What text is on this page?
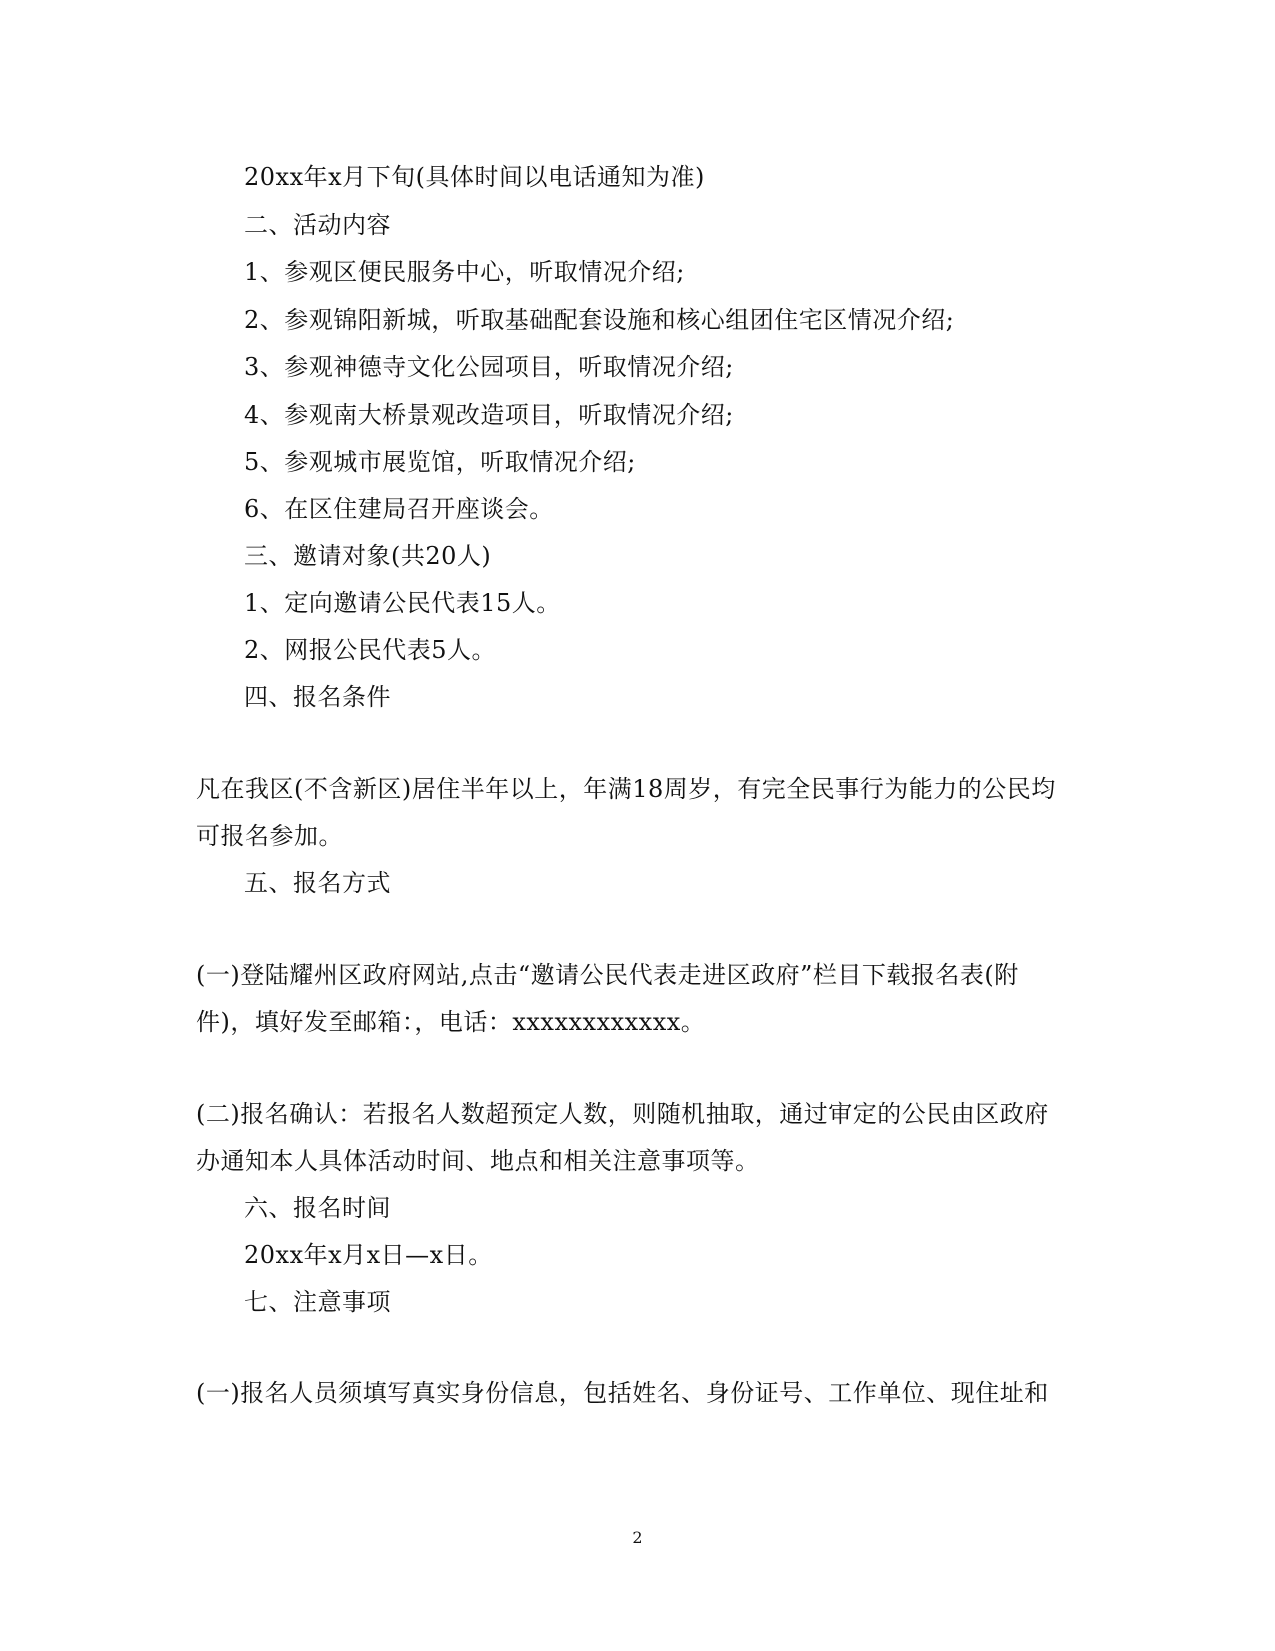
20xx年x月下旬(具体时间以电话通知为准)
二、活动内容
1、参观区便民服务中心，听取情况介绍;
2、参观锦阳新城，听取基础配套设施和核心组团住宅区情况介绍;
3、参观神德寺文化公园项目，听取情况介绍;
4、参观南大桥景观改造项目，听取情况介绍;
5、参观城市展览馆，听取情况介绍;
6、在区住建局召开座谈会。
三、邀请对象(共20人)
1、定向邀请公民代表15人。
2、网报公民代表5人。
四、报名条件
凡在我区(不含新区)居住半年以上，年满18周岁，有完全民事行为能力的公民均
可报名参加。
五、报名方式
(一)登陆耀州区政府网站,点击“邀请公民代表走进区政府”栏目下载报名表(附
件)，填好发至邮箱：，电话：xxxxxxxxxxxx。
(二)报名确认：若报名人数超预定人数，则随机抽取，通过审定的公民由区政府
办通知本人具体活动时间、地点和相关注意事项等。
六、报名时间
20xx年x月x日—x日。
七、注意事项
(一)报名人员须填写真实身份信息，包括姓名、身份证号、工作单位、现住址和
2
